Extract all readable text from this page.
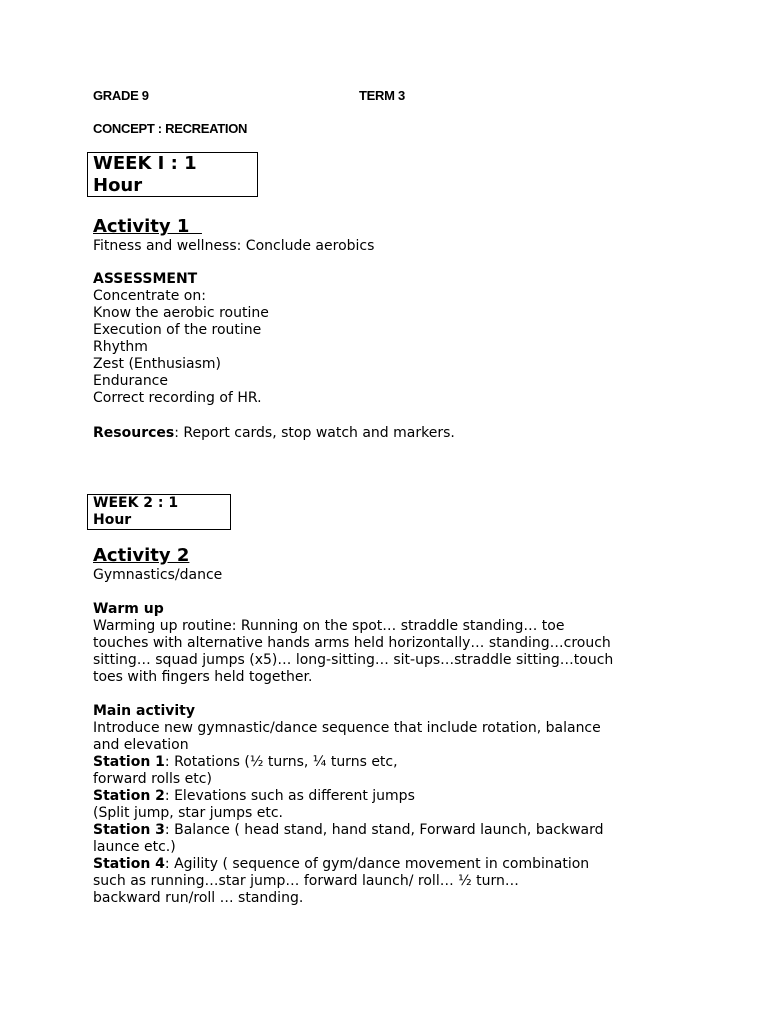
GRADE 9	TERM 3
CONCEPT : RECREATION
WEEK I : 1
Hour
Activity 1
Fitness and wellness: Conclude aerobics
ASSESSMENT
Concentrate on:
Know the aerobic routine
Execution of the routine
Rhythm
Zest (Enthusiasm)
Endurance
Correct recording of HR.
Resources: Report cards, stop watch and markers.
WEEK 2 : 1
Hour
Activity 2
Gymnastics/dance
Warm up
Warming up routine: Running on the spot… straddle standing… toe
touches with alternative hands arms held horizontally… standing…crouch
sitting… squad jumps (x5)… long-sitting… sit-ups…straddle sitting…touch
toes with fingers held together.
Main activity
Introduce new gymnastic/dance sequence that include rotation, balance
and elevation
Station 1: Rotations (½ turns, ¼ turns etc,
forward rolls etc)
Station 2: Elevations such as different jumps
(Split jump, star jumps etc.
Station 3: Balance ( head stand, hand stand, Forward launch, backward
launce etc.)
Station 4: Agility ( sequence of gym/dance movement in combination
such as running…star jump… forward launch/ roll… ½ turn…
backward run/roll … standing.
